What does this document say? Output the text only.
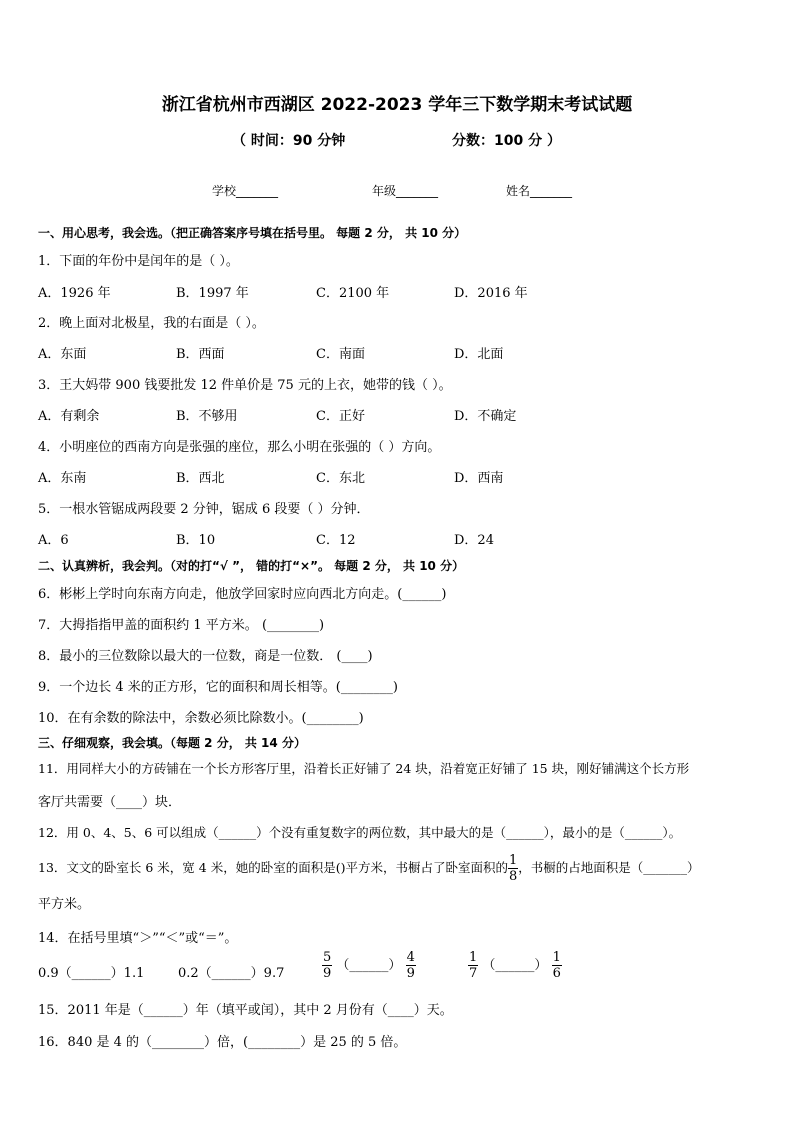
浙江省杭州市西湖区 2022-2023 学年三下数学期末考试试题
（ 时间：90 分钟	分数：100 分 ）
学校_______	年级_______	姓名_______
一、用心思考，我会选。（把正确答案序号填在括号里。 每题 2 分， 共 10 分）
1．下面的年份中是闰年的是（ ）。
A．1926 年	B．1997 年	C．2100 年	D．2016 年
2．晚上面对北极星，我的右面是（ ）。
A．东面	B．西面	C．南面	D．北面
3．王大妈带 900 钱要批发 12 件单价是 75 元的上衣，她带的钱（ ）。
A．有剩余	B．不够用	C．正好	D．不确定
4．小明座位的西南方向是张强的座位，那么小明在张强的（ ）方向。
A．东南	B．西北	C．东北	D．西南
5．一根水管锯成两段要 2 分钟，锯成 6 段要（ ）分钟．
A．6	B．10	C．12	D．24
二、认真辨析，我会判。（对的打“√ ”， 错的打“×”。 每题 2 分， 共 10 分）
6．彬彬上学时向东南方向走，他放学回家时应向西北方向走。(______)
7．大拇指指甲盖的面积约 1 平方米。 (________)
8．最小的三位数除以最大的一位数，商是一位数． (____)
9．一个边长 4 米的正方形，它的面积和周长相等。(________)
10．在有余数的除法中，余数必须比除数小。(________)
三、仔细观察，我会填。（每题 2 分， 共 14 分）
11．用同样大小的方砖铺在一个长方形客厅里，沿着长正好铺了 24 块，沿着宽正好铺了 15 块，刚好铺满这个长方形
客厅共需要（____）块．
12．用 0、4、5、6 可以组成（______）个没有重复数字的两位数，其中最大的是（______），最小的是（______）。
13．文文的卧室长 6 米，宽 4 米，她的卧室的面积是()平方米，书橱占了卧室面积的 $\frac{1}{8}$ ，书橱的占地面积是（_______）
平方米。
14．在括号里填“＞”“＜”或“＝”。
0.9（______）1.1	0.2（______）9.7	$\frac{5}{9}$ （______） $\frac{4}{9}$	$\frac{1}{7}$ （______） $\frac{1}{6}$
15．2011 年是（______）年（填平或闰），其中 2 月份有（____）天。
16．840 是 4 的（________）倍，(________）是 25 的 5 倍。
